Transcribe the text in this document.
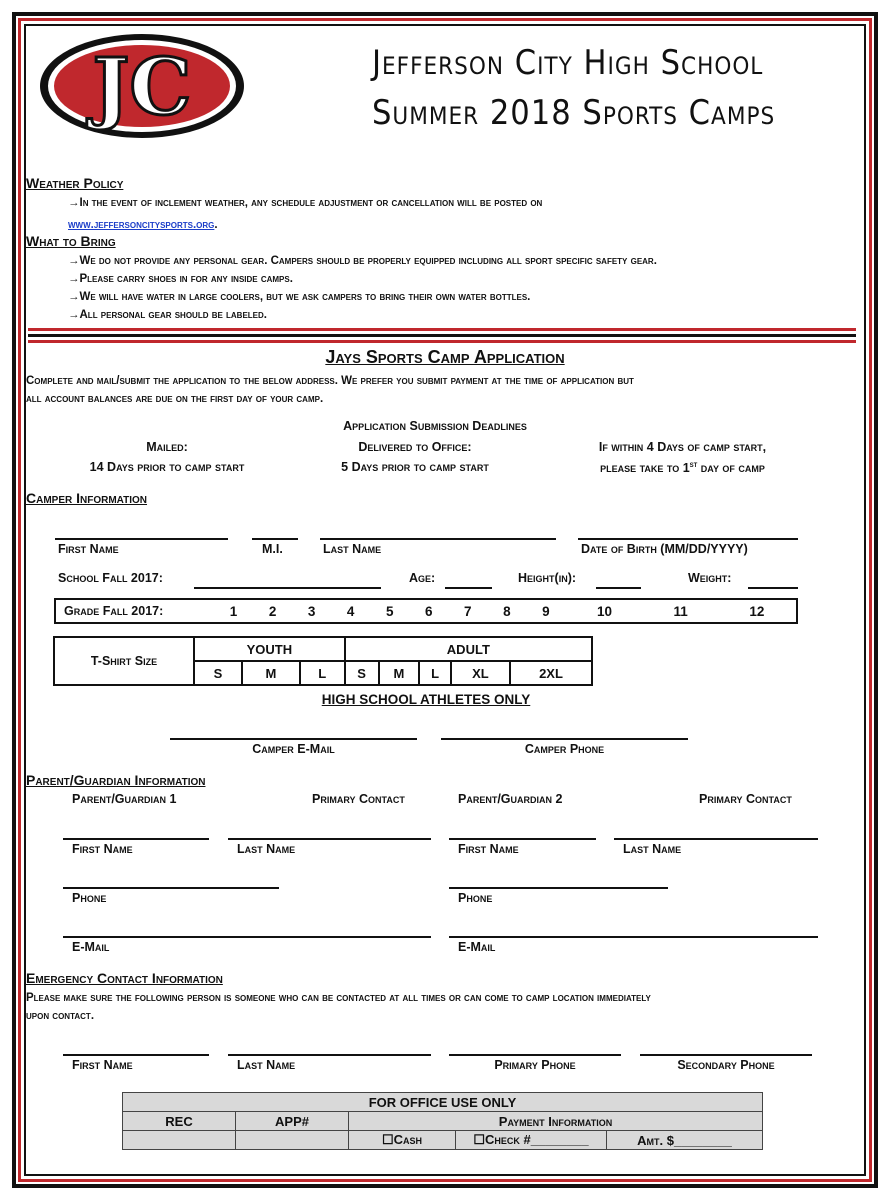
JC	Jefferson City High School
Summer 2018 Sports Camps
Weather Policy
→In the event of inclement weather, any schedule adjustment or cancellation will be posted on
www.jeffersoncitysports.org.
What to Bring
→We do not provide any personal gear. Campers should be properly equipped including all sport specific safety gear.
→Please carry shoes in for any inside camps.
→We will have water in large coolers, but we ask campers to bring their own water bottles.
→All personal gear should be labeled.
Jays Sports Camp Application
Complete and mail/submit the application to the below address. We prefer you submit payment at the time of application but
all account balances are due on the first day of your camp.
Application Submission Deadlines
Mailed:
14 Days prior to camp start
Delivered to Office:
5 Days prior to camp start
If within 4 Days of camp start,
please take to 1st day of camp
Camper Information
First Name	M.I.	Last Name	Date of Birth (MM/DD/YYYY)
School Fall 2017:	Age:	Height(in):	Weight:
Grade Fall 2017:	1	2	3	4	5	6	7	8	9	10	11	12
T-Shirt Size	YOUTH			ADULT				
	S	M	L	S	M	L	XL	2XL
HIGH SCHOOL ATHLETES ONLY
Camper E-Mail	Camper Phone
Parent/Guardian Information
Parent/Guardian 1	Primary Contact	Parent/Guardian 2	Primary Contact
First Name	Last Name	First Name	Last Name
Phone	Phone
E-Mail	E-Mail
Emergency Contact Information
Please make sure the following person is someone who can be contacted at all times or can come to camp location immediately
upon contact.
First Name	Last Name	Primary Phone	Secondary Phone
FOR OFFICE USE ONLY				
REC	APP#	Payment Information		
		☐Cash	☐Check #________	Amt. $________
